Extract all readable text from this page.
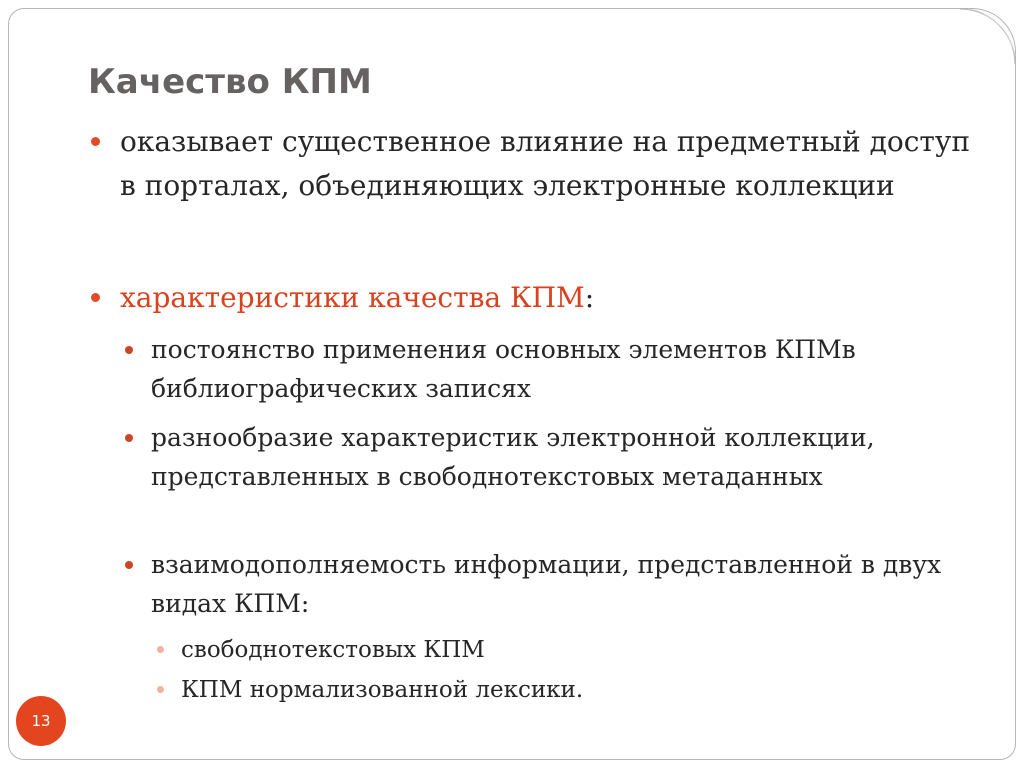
Качество КПМ
оказывает существенное влияние на предметный доступ в порталах, объединяющих электронные коллекции
характеристики качества КПМ:
постоянство применения основных элементов КПМв библиографических записях
разнообразие характеристик электронной коллекции, представленных в свободнотекстовых метаданных
взаимодополняемость информации, представленной в двух видах КПМ:
свободнотекстовых КПМ
КПМ нормализованной лексики.
13
